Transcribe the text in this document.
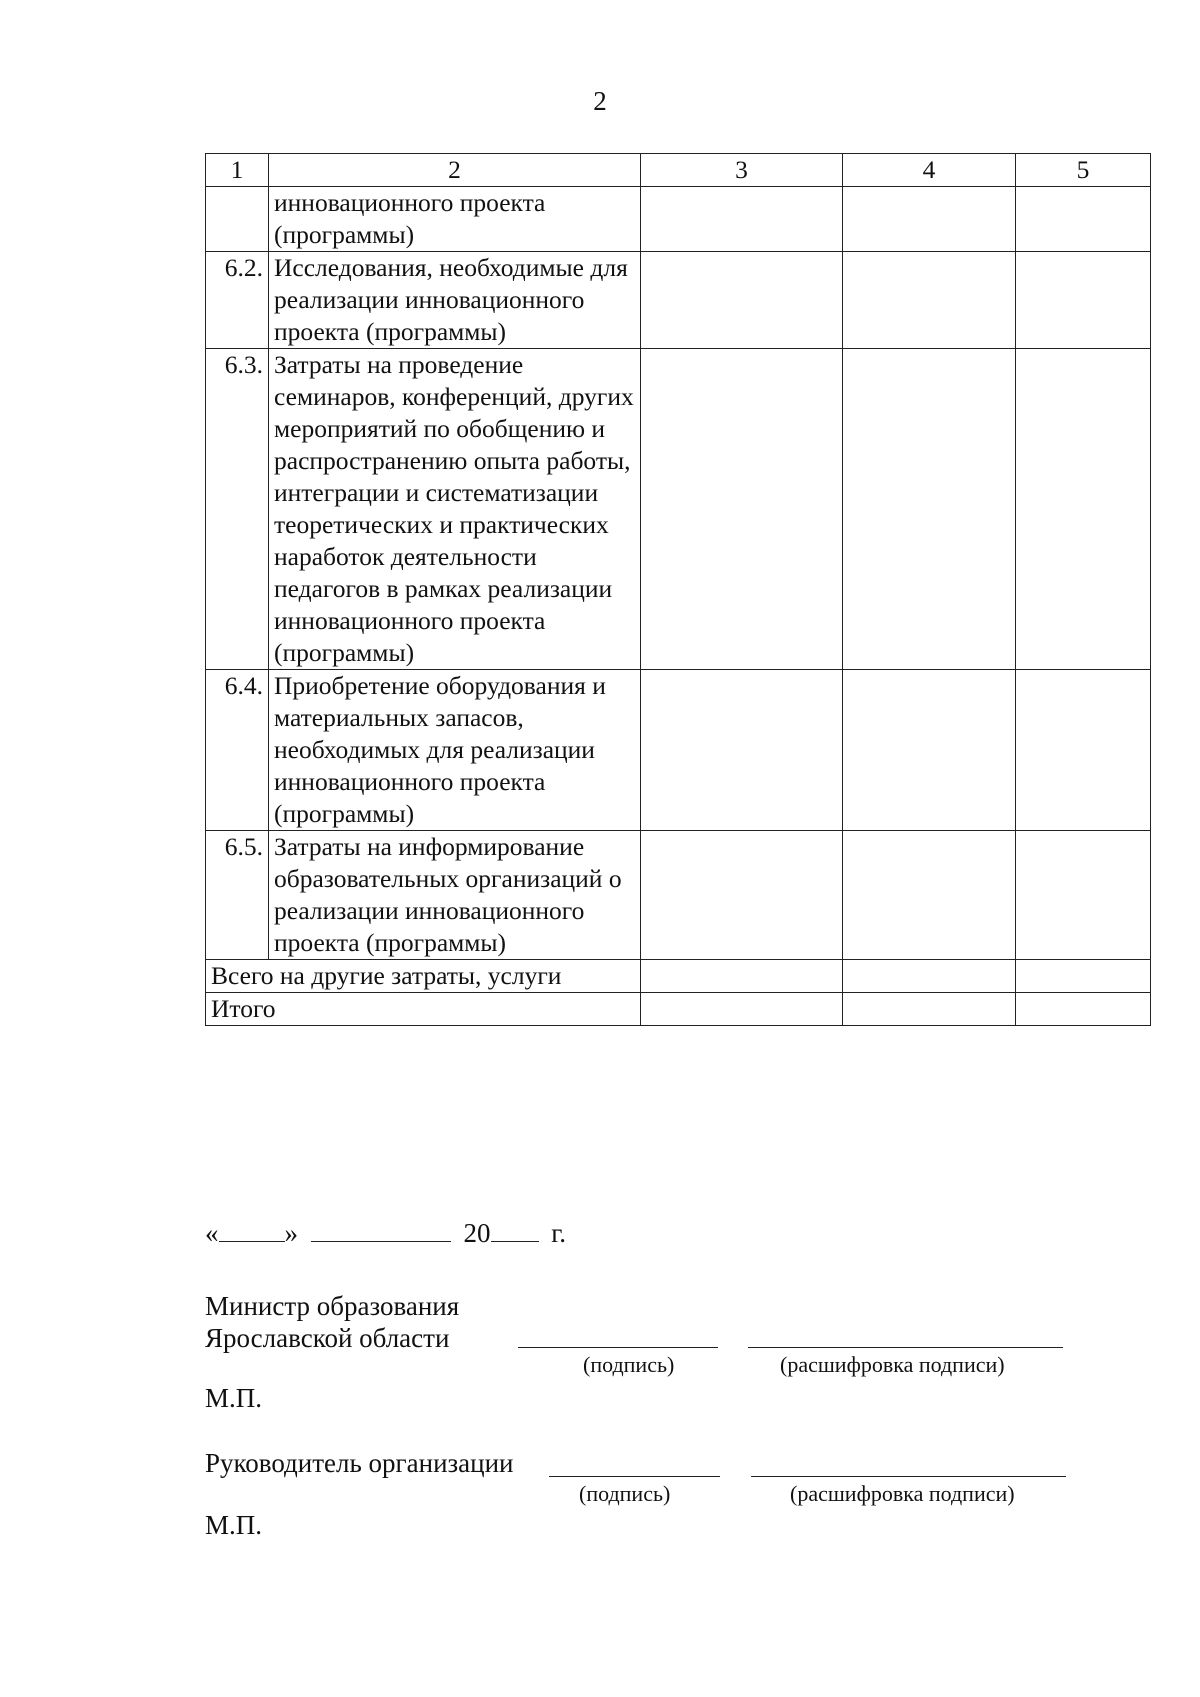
2
1	2	3	4	5
	инновационного проекта (программы)			
6.2.	Исследования, необходимые для реализации инновационного проекта (программы)			
6.3.	Затраты на проведение семинаров, конференций, других мероприятий по обобщению и распространению опыта работы, интеграции и систематизации теоретических и практических наработок деятельности педагогов в рамках реализации инновационного проекта (программы)			
6.4.	Приобретение оборудования и материальных запасов, необходимых для реализации инновационного проекта (программы)			
6.5.	Затраты на информирование образовательных организаций о реализации инновационного проекта (программы)			
Всего на другие затраты, услуги				
Итого				
« »	20 г.
Министр образования
Ярославской области
(подпись)	(расшифровка подписи)
М.П.
Руководитель организации
(подпись)	(расшифровка подписи)
М.П.
